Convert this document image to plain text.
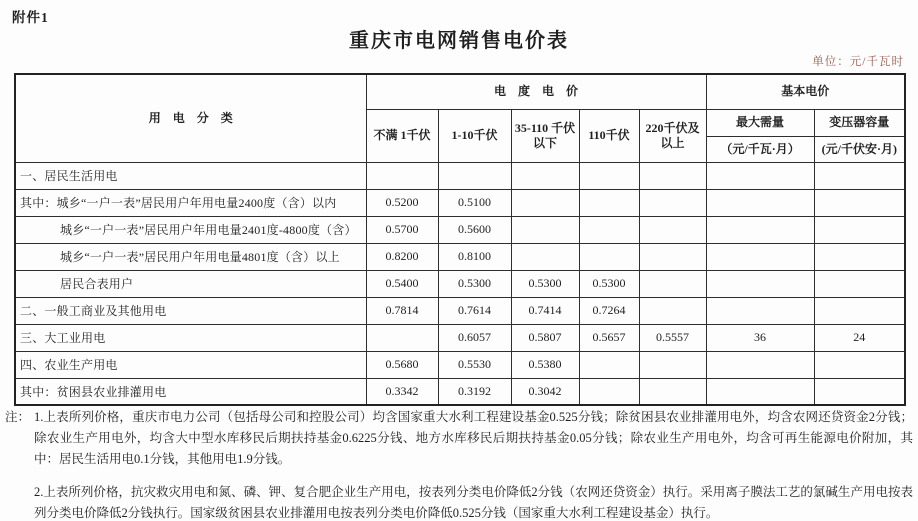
附件1
重庆市电网销售电价表
单位：元/千瓦时
用　电　分　类	电　度　电　价					基本电价	
	不满 1千伏	1-10千伏	35-110 千伏以下	110千伏	220千伏及以上	最大需量	变压器容量
						（元/千瓦·月）	(元/千伏安·月)
一、居民生活用电							
其中：城乡“一户一表”居民用户年用电量2400度（含）以内	0.5200	0.5100					
城乡“一户一表”居民用户年用电量2401度-4800度（含）	0.5700	0.5600					
城乡“一户一表”居民用户年用电量4801度（含）以上	0.8200	0.8100					
居民合表用户	0.5400	0.5300	0.5300	0.5300			
二、一般工商业及其他用电	0.7814	0.7614	0.7414	0.7264			
三、大工业用电		0.6057	0.5807	0.5657	0.5557	36	24
四、农业生产用电	0.5680	0.5530	0.5380				
其中：贫困县农业排灌用电	0.3342	0.3192	0.3042				
注： 1.上表所列价格，重庆市电力公司（包括母公司和控股公司）均含国家重大水利工程建设基金0.525分钱；除贫困县农业排灌用电外，均含农网还贷资金2分钱；除农业生产用电外，均含大中型水库移民后期扶持基金0.6225分钱、地方水库移民后期扶持基金0.05分钱；除农业生产用电外，均含可再生能源电价附加，其中：居民生活用电0.1分钱，其他用电1.9分钱。

2.上表所列价格，抗灾救灾用电和氮、磷、钾、复合肥企业生产用电，按表列分类电价降低2分钱（农网还贷资金）执行。采用离子膜法工艺的氯碱生产用电按表列分类电价降低2分钱执行。国家级贫困县农业排灌用电按表列分类电价降低0.525分钱（国家重大水利工程建设基金）执行。
